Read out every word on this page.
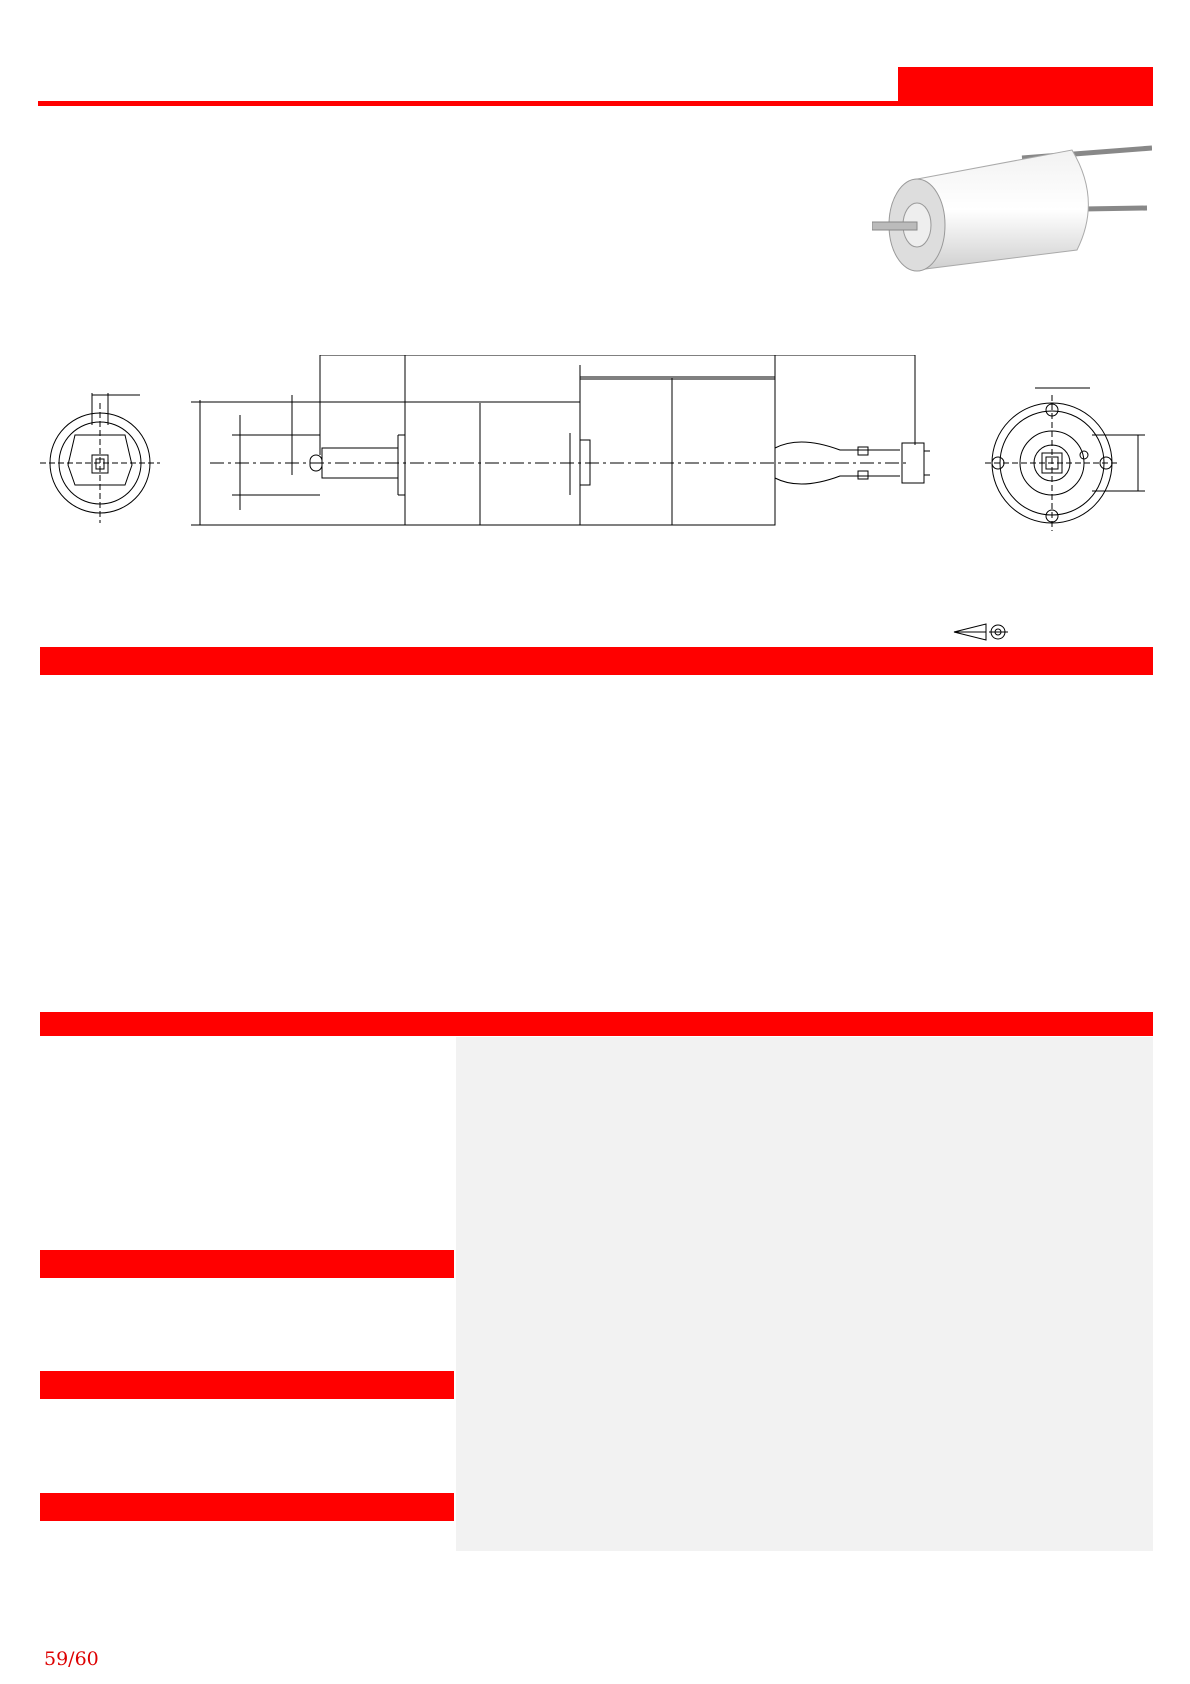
59/60
